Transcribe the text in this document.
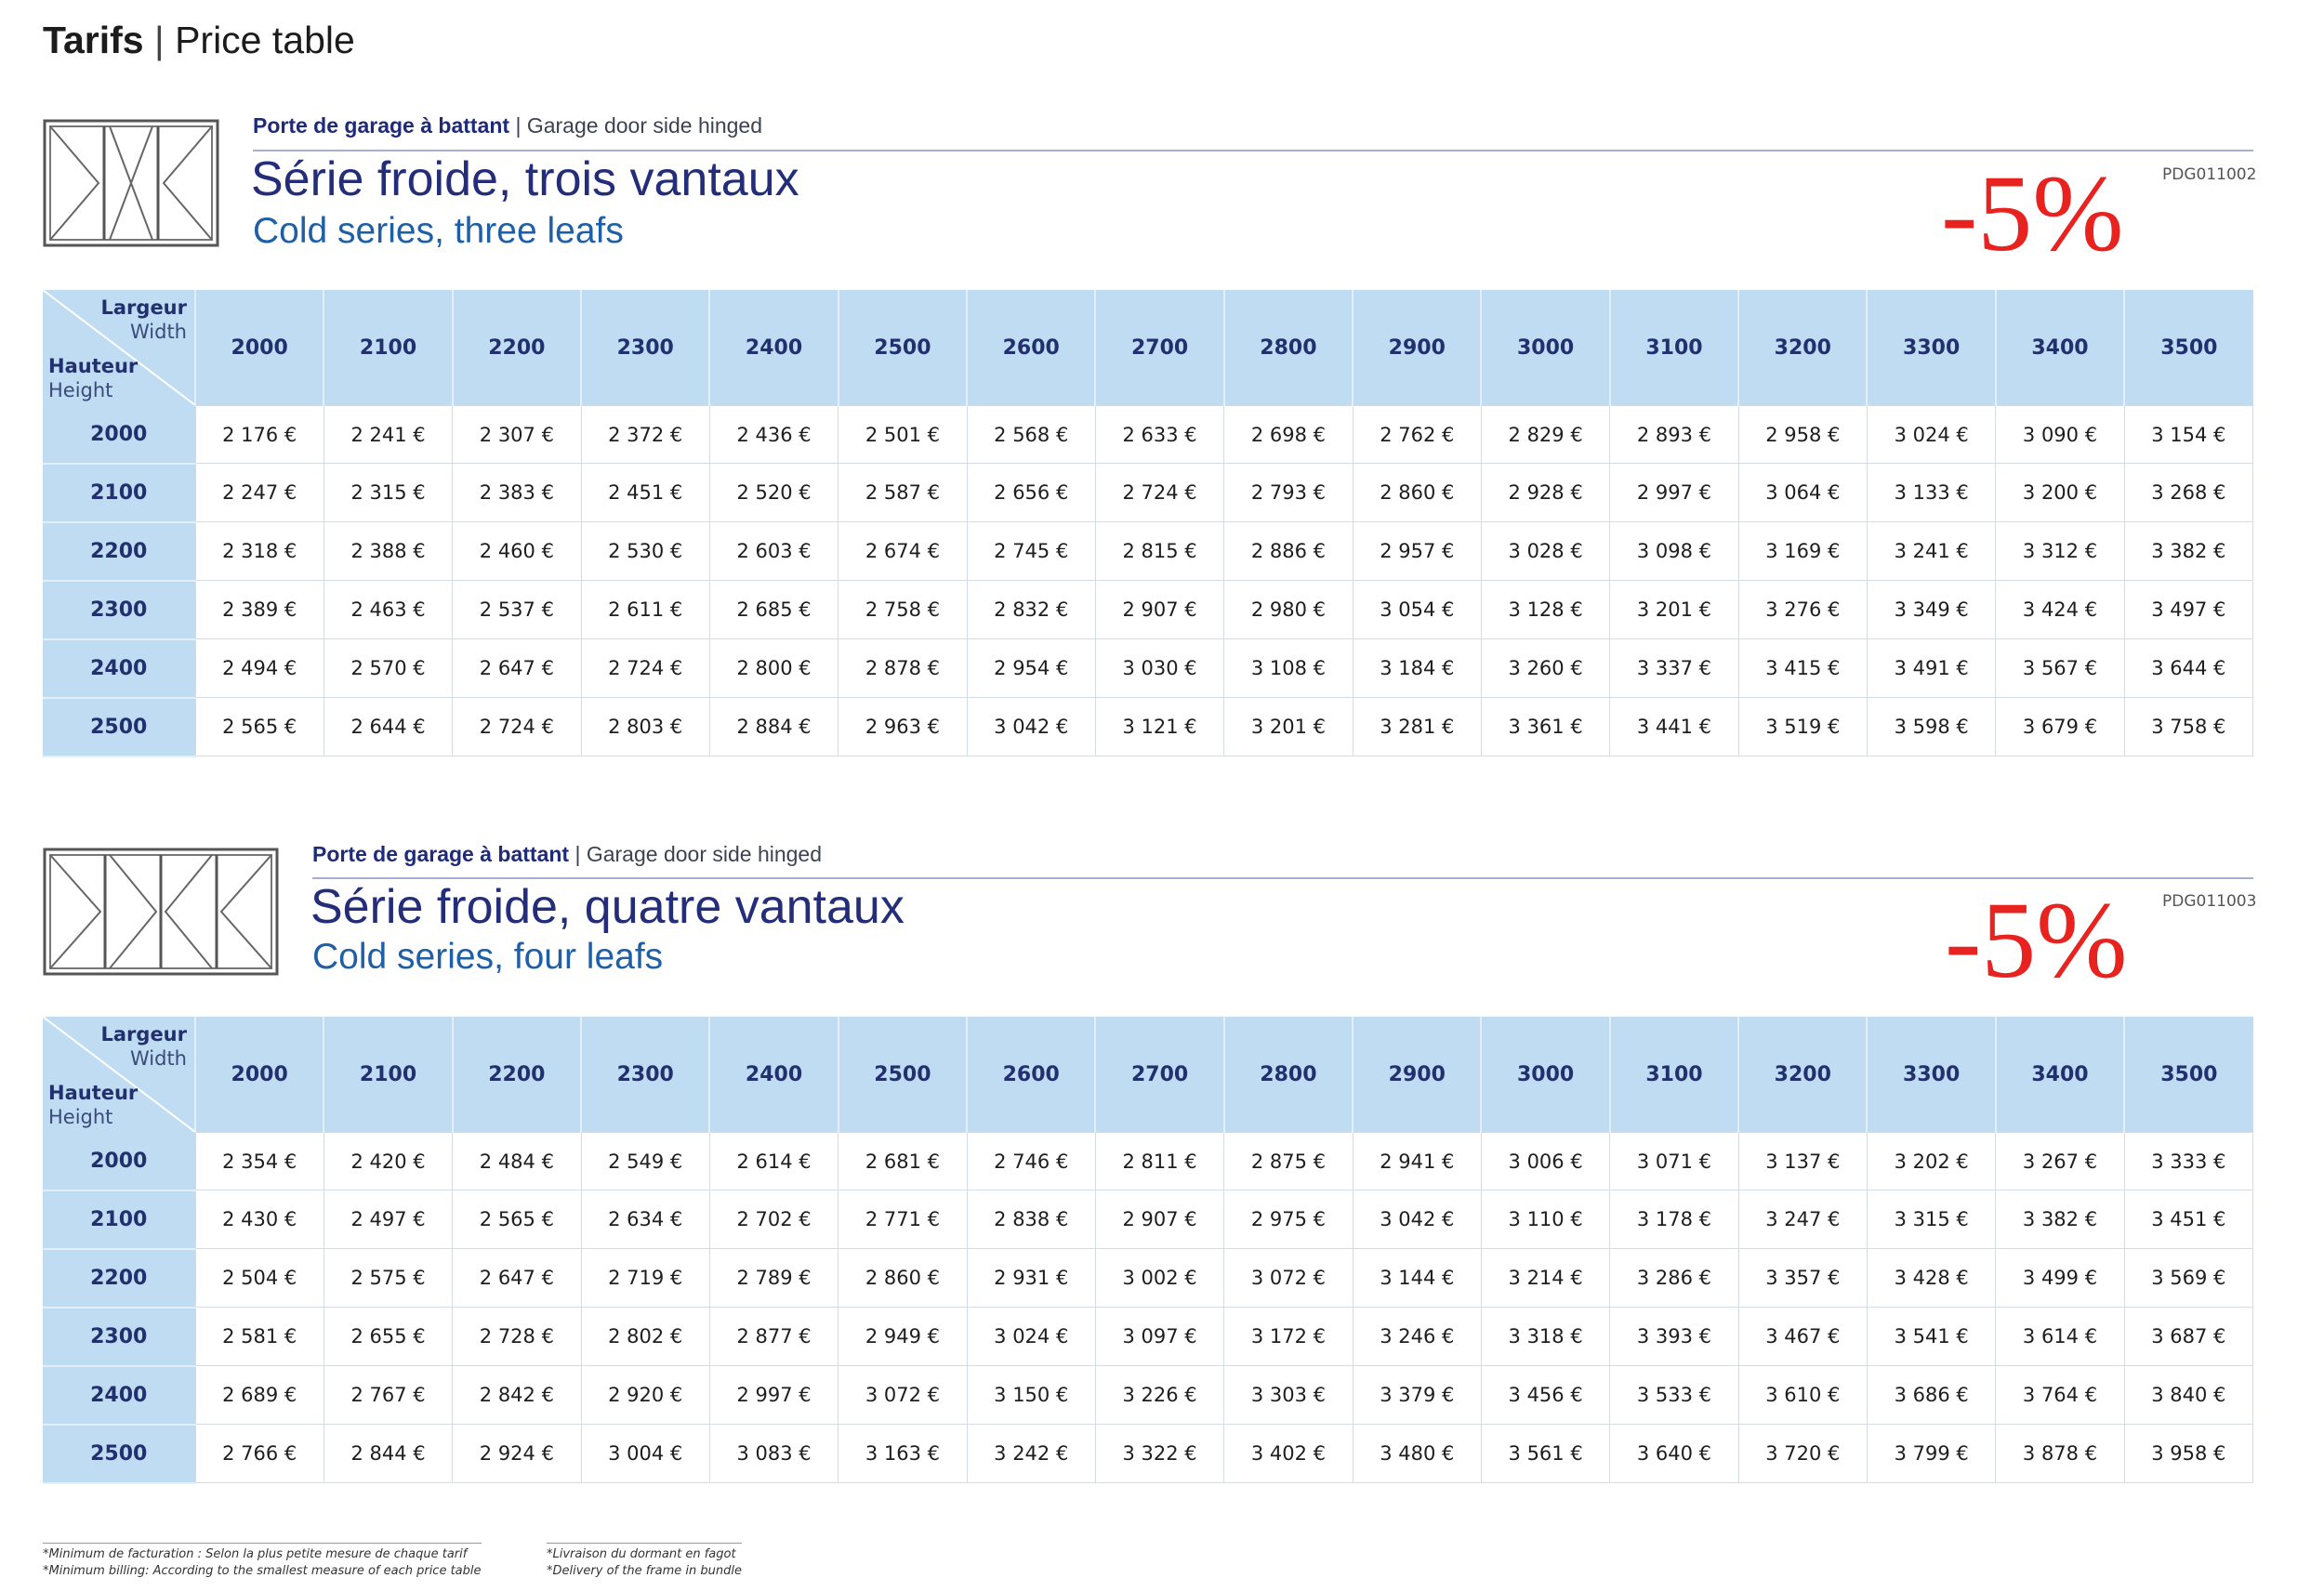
Tarifs | Price table
Porte de garage à battant | Garage door side hinged
Série froide, trois vantaux
Cold series, three leafs
PDG011002
-5%
Largeur
Width
Hauteur
Height	2000	2100	2200	2300	2400	2500	2600	2700	2800	2900	3000	3100	3200	3300	3400	3500
2000	2 176 €	2 241 €	2 307 €	2 372 €	2 436 €	2 501 €	2 568 €	2 633 €	2 698 €	2 762 €	2 829 €	2 893 €	2 958 €	3 024 €	3 090 €	3 154 €
2100	2 247 €	2 315 €	2 383 €	2 451 €	2 520 €	2 587 €	2 656 €	2 724 €	2 793 €	2 860 €	2 928 €	2 997 €	3 064 €	3 133 €	3 200 €	3 268 €
2200	2 318 €	2 388 €	2 460 €	2 530 €	2 603 €	2 674 €	2 745 €	2 815 €	2 886 €	2 957 €	3 028 €	3 098 €	3 169 €	3 241 €	3 312 €	3 382 €
2300	2 389 €	2 463 €	2 537 €	2 611 €	2 685 €	2 758 €	2 832 €	2 907 €	2 980 €	3 054 €	3 128 €	3 201 €	3 276 €	3 349 €	3 424 €	3 497 €
2400	2 494 €	2 570 €	2 647 €	2 724 €	2 800 €	2 878 €	2 954 €	3 030 €	3 108 €	3 184 €	3 260 €	3 337 €	3 415 €	3 491 €	3 567 €	3 644 €
2500	2 565 €	2 644 €	2 724 €	2 803 €	2 884 €	2 963 €	3 042 €	3 121 €	3 201 €	3 281 €	3 361 €	3 441 €	3 519 €	3 598 €	3 679 €	3 758 €
Porte de garage à battant | Garage door side hinged
Série froide, quatre vantaux
Cold series, four leafs
PDG011003
-5%
Largeur
Width
Hauteur
Height	2000	2100	2200	2300	2400	2500	2600	2700	2800	2900	3000	3100	3200	3300	3400	3500
2000	2 354 €	2 420 €	2 484 €	2 549 €	2 614 €	2 681 €	2 746 €	2 811 €	2 875 €	2 941 €	3 006 €	3 071 €	3 137 €	3 202 €	3 267 €	3 333 €
2100	2 430 €	2 497 €	2 565 €	2 634 €	2 702 €	2 771 €	2 838 €	2 907 €	2 975 €	3 042 €	3 110 €	3 178 €	3 247 €	3 315 €	3 382 €	3 451 €
2200	2 504 €	2 575 €	2 647 €	2 719 €	2 789 €	2 860 €	2 931 €	3 002 €	3 072 €	3 144 €	3 214 €	3 286 €	3 357 €	3 428 €	3 499 €	3 569 €
2300	2 581 €	2 655 €	2 728 €	2 802 €	2 877 €	2 949 €	3 024 €	3 097 €	3 172 €	3 246 €	3 318 €	3 393 €	3 467 €	3 541 €	3 614 €	3 687 €
2400	2 689 €	2 767 €	2 842 €	2 920 €	2 997 €	3 072 €	3 150 €	3 226 €	3 303 €	3 379 €	3 456 €	3 533 €	3 610 €	3 686 €	3 764 €	3 840 €
2500	2 766 €	2 844 €	2 924 €	3 004 €	3 083 €	3 163 €	3 242 €	3 322 €	3 402 €	3 480 €	3 561 €	3 640 €	3 720 €	3 799 €	3 878 €	3 958 €
*Minimum de facturation : Selon la plus petite mesure de chaque tarif
*Minimum billing: According to the smallest measure of each price table
*Livraison du dormant en fagot
*Delivery of the frame in bundle
